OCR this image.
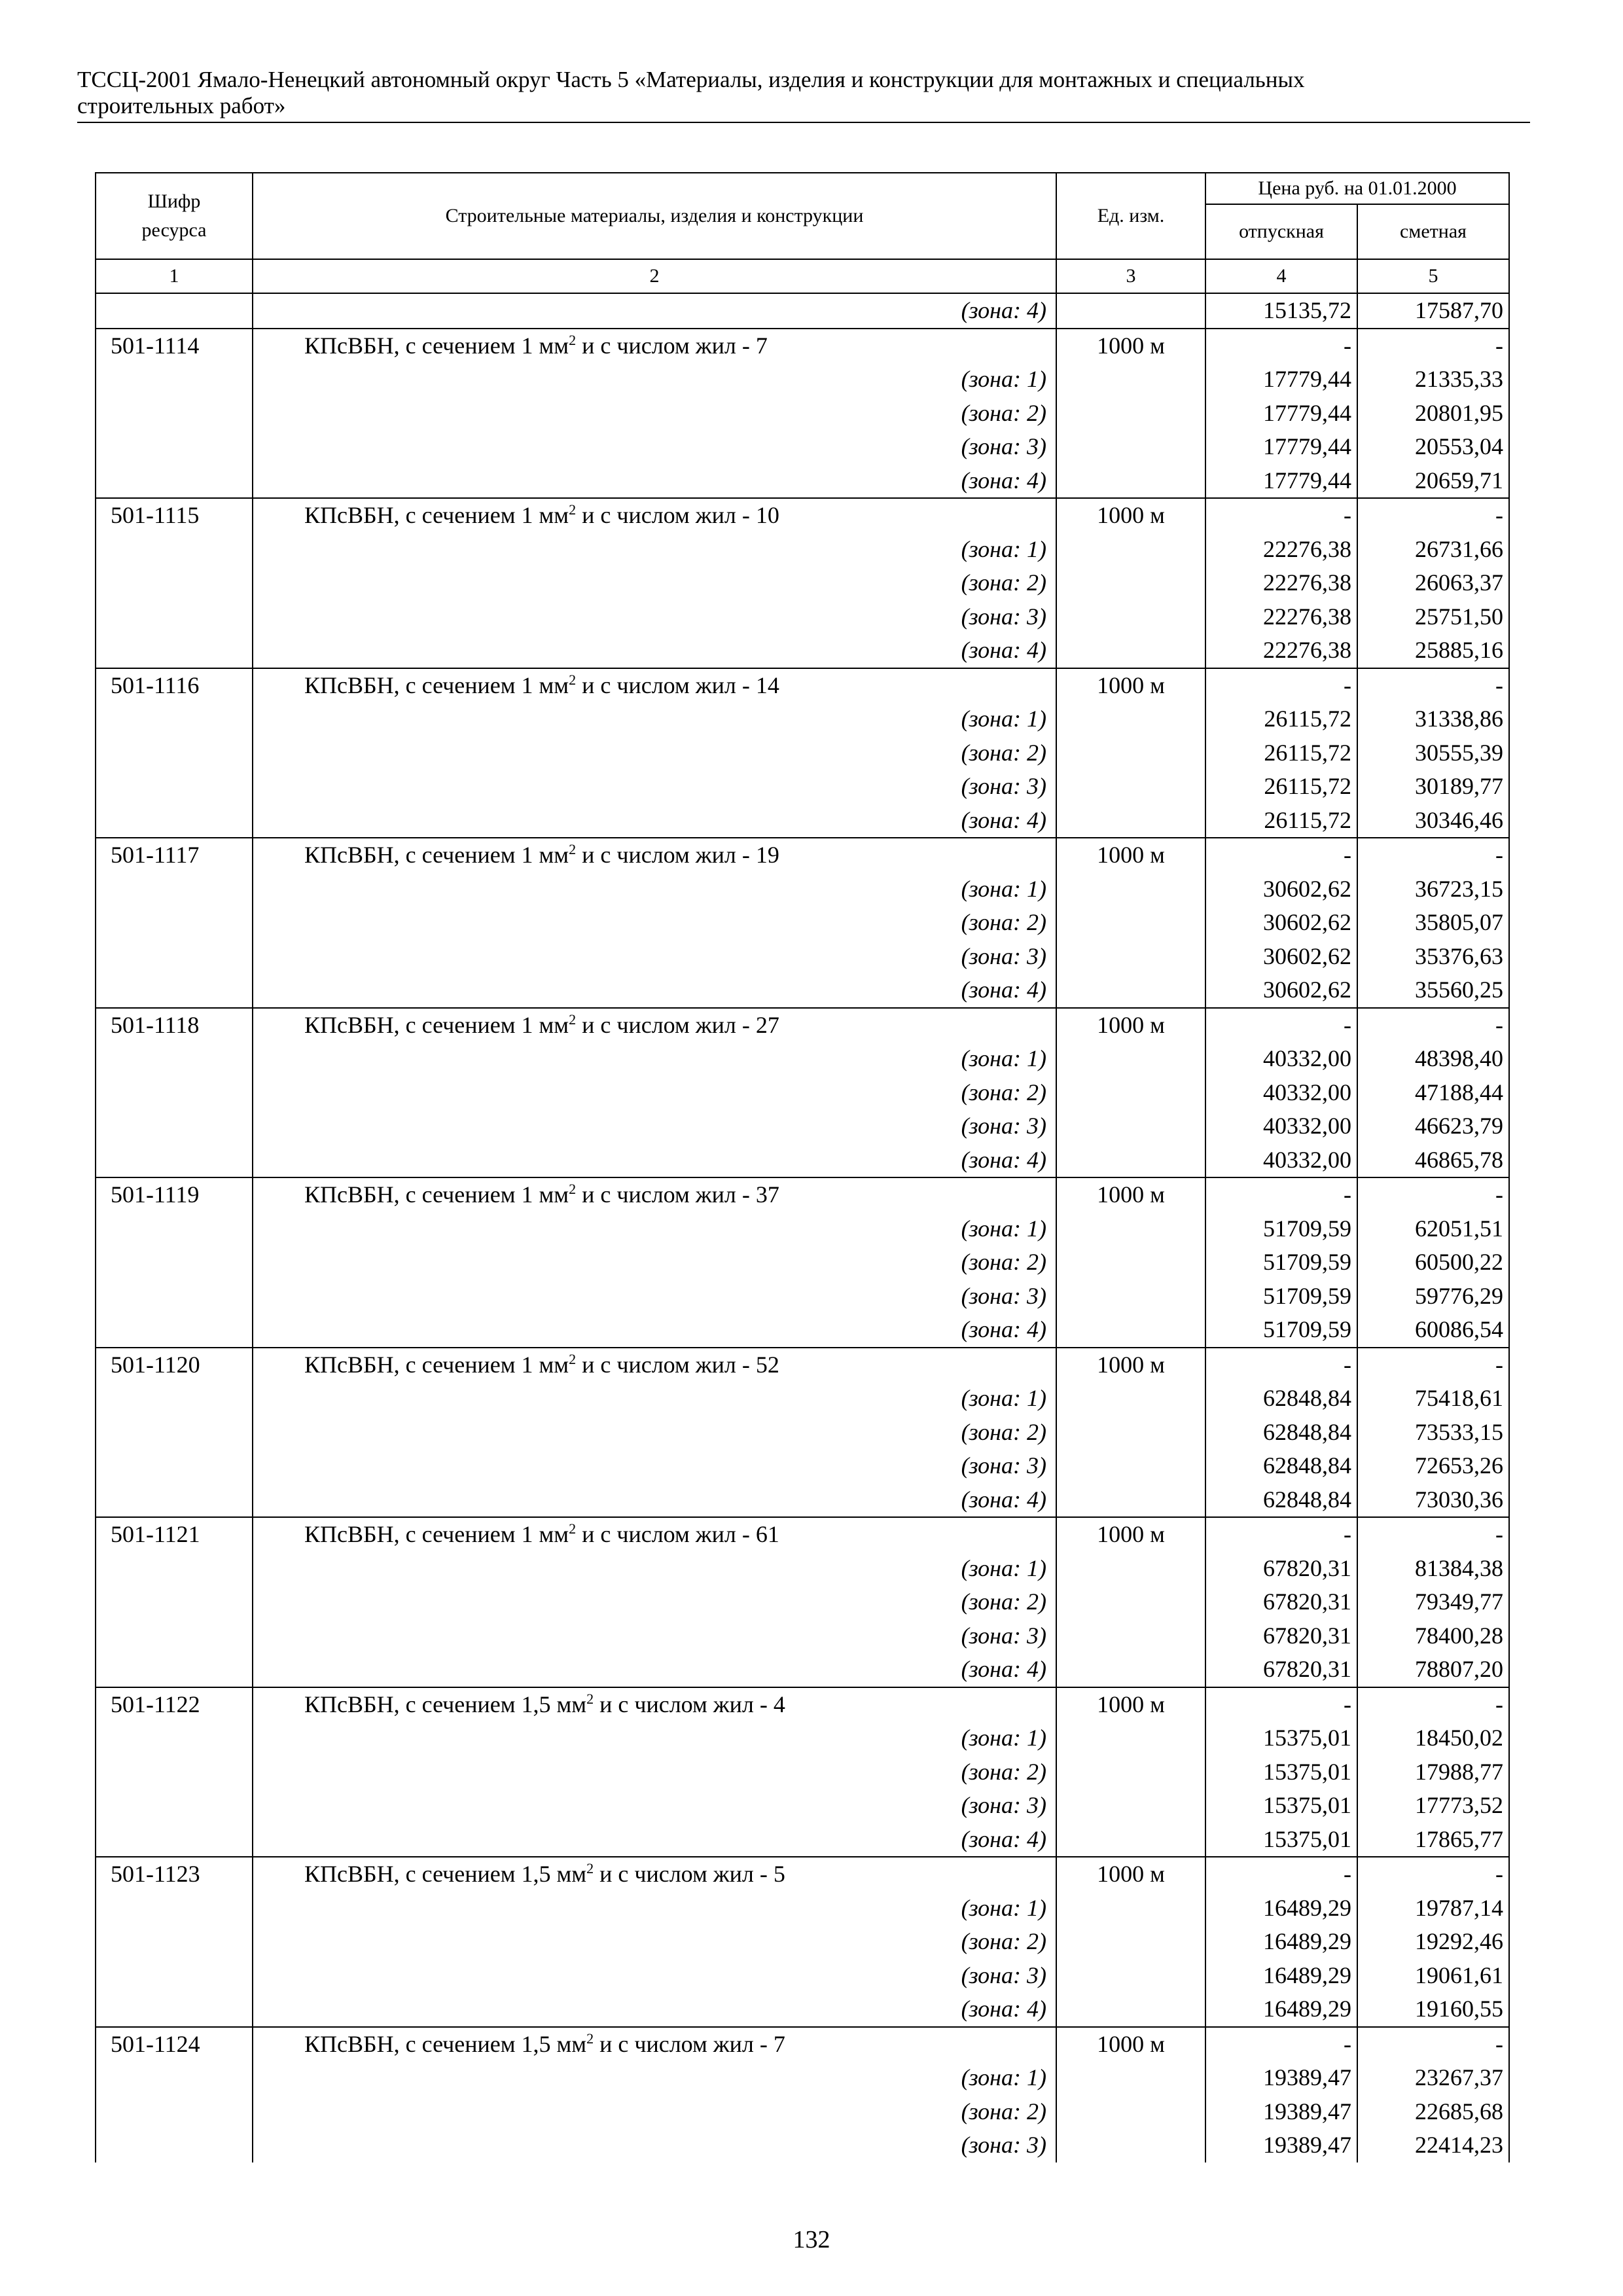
ТССЦ-2001 Ямало-Ненецкий автономный округ Часть 5 «Материалы, изделия и конструкции для монтажных и специальных
строительных работ»
Шифр ресурса	Строительные материалы, изделия и конструкции	Ед. изм.	Цена руб. на 01.01.2000	
			отпускная	сметная
1	2	3	4	5
	(зона: 4)		15135,72	17587,70
501-1114	КПсВБН, с сечением 1 $мм^2$ и с числом жил - 7	1000 м	-	-
	(зона: 1)		17779,44	21335,33
	(зона: 2)		17779,44	20801,95
	(зона: 3)		17779,44	20553,04
	(зона: 4)		17779,44	20659,71
501-1115	КПсВБН, с сечением 1 $мм^2$ и с числом жил - 10	1000 м	-	-
	(зона: 1)		22276,38	26731,66
	(зона: 2)		22276,38	26063,37
	(зона: 3)		22276,38	25751,50
	(зона: 4)		22276,38	25885,16
501-1116	КПсВБН, с сечением 1 $мм^2$ и с числом жил - 14	1000 м	-	-
	(зона: 1)		26115,72	31338,86
	(зона: 2)		26115,72	30555,39
	(зона: 3)		26115,72	30189,77
	(зона: 4)		26115,72	30346,46
501-1117	КПсВБН, с сечением 1 $мм^2$ и с числом жил - 19	1000 м	-	-
	(зона: 1)		30602,62	36723,15
	(зона: 2)		30602,62	35805,07
	(зона: 3)		30602,62	35376,63
	(зона: 4)		30602,62	35560,25
501-1118	КПсВБН, с сечением 1 $мм^2$ и с числом жил - 27	1000 м	-	-
	(зона: 1)		40332,00	48398,40
	(зона: 2)		40332,00	47188,44
	(зона: 3)		40332,00	46623,79
	(зона: 4)		40332,00	46865,78
501-1119	КПсВБН, с сечением 1 $мм^2$ и с числом жил - 37	1000 м	-	-
	(зона: 1)		51709,59	62051,51
	(зона: 2)		51709,59	60500,22
	(зона: 3)		51709,59	59776,29
	(зона: 4)		51709,59	60086,54
501-1120	КПсВБН, с сечением 1 $мм^2$ и с числом жил - 52	1000 м	-	-
	(зона: 1)		62848,84	75418,61
	(зона: 2)		62848,84	73533,15
	(зона: 3)		62848,84	72653,26
	(зона: 4)		62848,84	73030,36
501-1121	КПсВБН, с сечением 1 $мм^2$ и с числом жил - 61	1000 м	-	-
	(зона: 1)		67820,31	81384,38
	(зона: 2)		67820,31	79349,77
	(зона: 3)		67820,31	78400,28
	(зона: 4)		67820,31	78807,20
501-1122	КПсВБН, с сечением 1,5 $мм^2$ и с числом жил - 4	1000 м	-	-
	(зона: 1)		15375,01	18450,02
	(зона: 2)		15375,01	17988,77
	(зона: 3)		15375,01	17773,52
	(зона: 4)		15375,01	17865,77
501-1123	КПсВБН, с сечением 1,5 $мм^2$ и с числом жил - 5	1000 м	-	-
	(зона: 1)		16489,29	19787,14
	(зона: 2)		16489,29	19292,46
	(зона: 3)		16489,29	19061,61
	(зона: 4)		16489,29	19160,55
501-1124	КПсВБН, с сечением 1,5 $мм^2$ и с числом жил - 7	1000 м	-	-
	(зона: 1)		19389,47	23267,37
	(зона: 2)		19389,47	22685,68
	(зона: 3)		19389,47	22414,23
132
